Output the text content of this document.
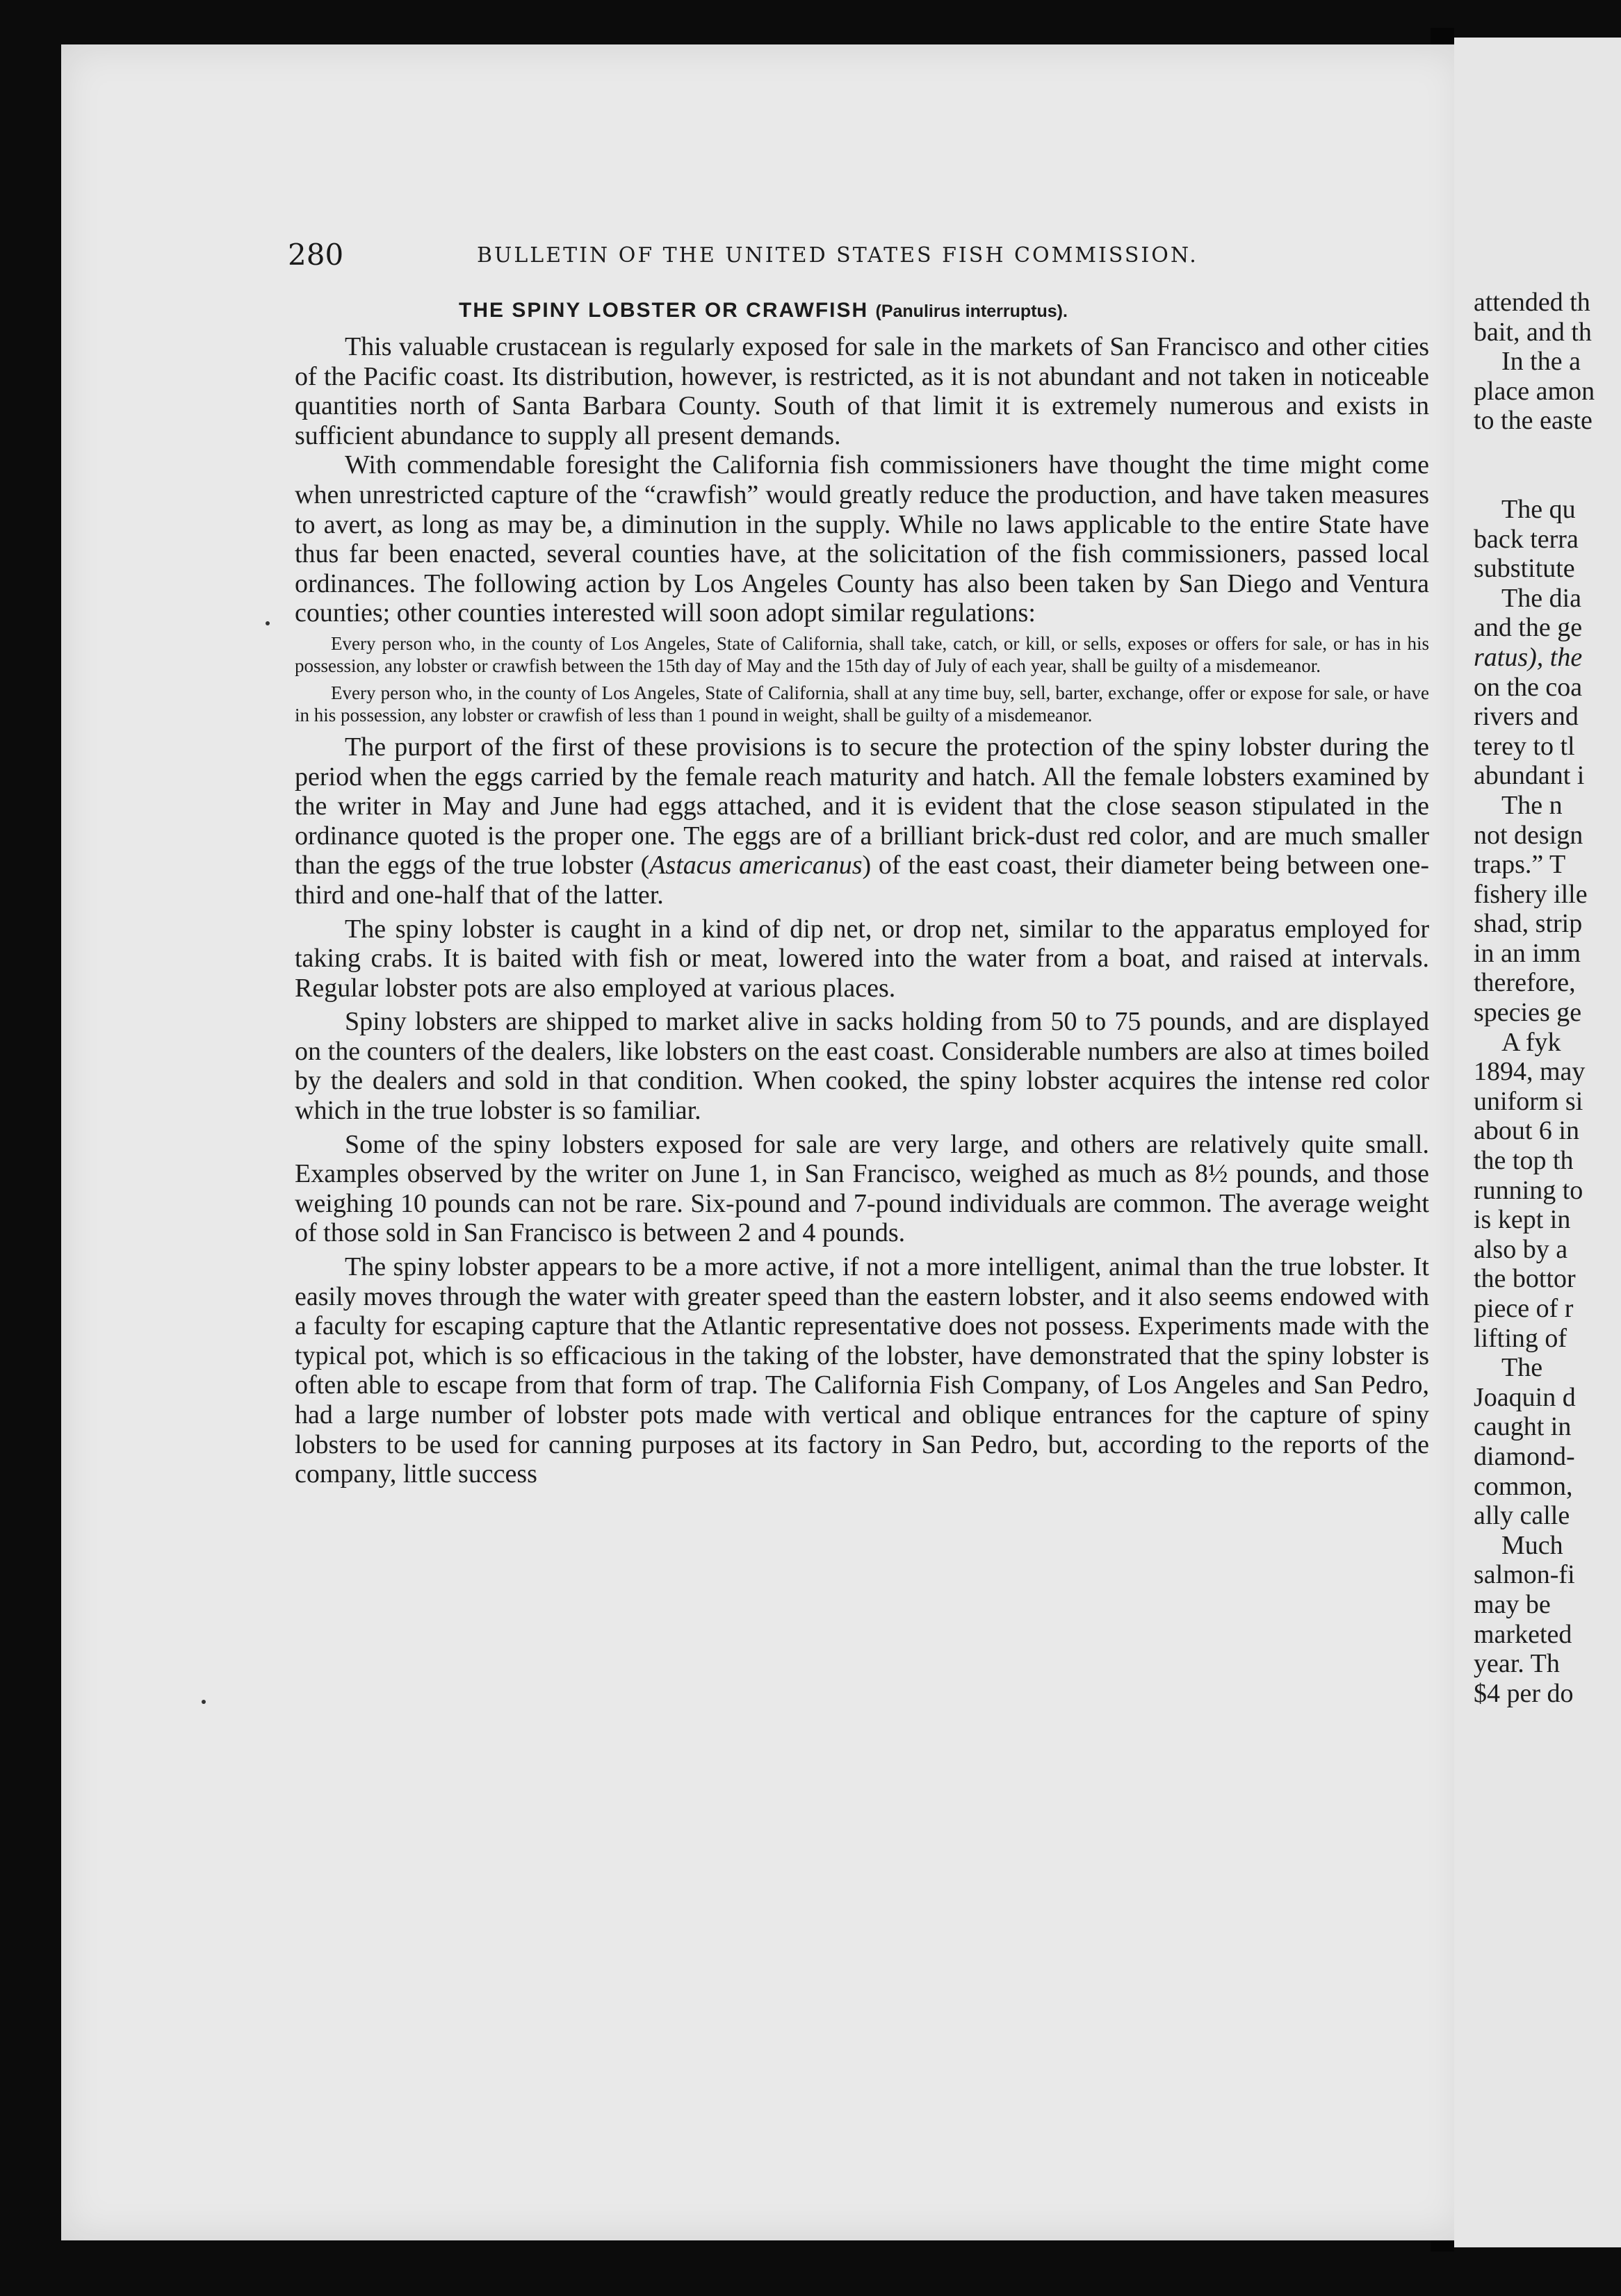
280	BULLETIN OF THE UNITED STATES FISH COMMISSION.
THE SPINY LOBSTER OR CRAWFISH (Panulirus interruptus).

This valuable crustacean is regularly exposed for sale in the markets of San Francisco and other cities of the Pacific coast. Its distribution, however, is restricted, as it is not abundant and not taken in noticeable quantities north of Santa Barbara County. South of that limit it is extremely numerous and exists in sufficient abundance to supply all present demands.

With commendable foresight the California fish commissioners have thought the time might come when unrestricted capture of the “crawfish” would greatly reduce the production, and have taken measures to avert, as long as may be, a diminution in the supply. While no laws applicable to the entire State have thus far been enacted, several counties have, at the solicitation of the fish commissioners, passed local ordinances. The following action by Los Angeles County has also been taken by San Diego and Ventura counties; other counties interested will soon adopt similar regulations:

Every person who, in the county of Los Angeles, State of California, shall take, catch, or kill, or sells, exposes or offers for sale, or has in his possession, any lobster or crawfish between the 15th day of May and the 15th day of July of each year, shall be guilty of a misdemeanor.

Every person who, in the county of Los Angeles, State of California, shall at any time buy, sell, barter, exchange, offer or expose for sale, or have in his possession, any lobster or crawfish of less than 1 pound in weight, shall be guilty of a misdemeanor.

The purport of the first of these provisions is to secure the protection of the spiny lobster during the period when the eggs carried by the female reach maturity and hatch. All the female lobsters examined by the writer in May and June had eggs attached, and it is evident that the close season stipulated in the ordinance quoted is the proper one. The eggs are of a brilliant brick-dust red color, and are much smaller than the eggs of the true lobster (Astacus americanus) of the east coast, their diameter being between one-third and one-half that of the latter.

The spiny lobster is caught in a kind of dip net, or drop net, similar to the apparatus employed for taking crabs. It is baited with fish or meat, lowered into the water from a boat, and raised at intervals. Regular lobster pots are also employed at various places.

Spiny lobsters are shipped to market alive in sacks holding from 50 to 75 pounds, and are displayed on the counters of the dealers, like lobsters on the east coast. Considerable numbers are also at times boiled by the dealers and sold in that condition. When cooked, the spiny lobster acquires the intense red color which in the true lobster is so familiar.

Some of the spiny lobsters exposed for sale are very large, and others are relatively quite small. Examples observed by the writer on June 1, in San Francisco, weighed as much as 8½ pounds, and those weighing 10 pounds can not be rare. Six-pound and 7-pound individuals are common. The average weight of those sold in San Francisco is between 2 and 4 pounds.

The spiny lobster appears to be a more active, if not a more intelligent, animal than the true lobster. It easily moves through the water with greater speed than the eastern lobster, and it also seems endowed with a faculty for escaping capture that the Atlantic representative does not possess. Experiments made with the typical pot, which is so efficacious in the taking of the lobster, have demonstrated that the spiny lobster is often able to escape from that form of trap. The California Fish Company, of Los Angeles and San Pedro, had a large number of lobster pots made with vertical and oblique entrances for the capture of spiny lobsters to be used for canning purposes at its factory in San Pedro, but, according to the reports of the company, little success

attended th
bait, and th
In the a
place amon
to the easte
The qu
back terra
substitute
The dia
and the ge
ratus), the
on the coa
rivers and
terey to tl
abundant i
The n
not design
traps.” T
fishery ille
shad, strip
in an imm
therefore,
species ge
A fyk
1894, may
uniform si
about 6 in
the top th
running to
is kept in
also by a
the bottor
piece of r
lifting of
The
Joaquin d
caught in
diamond-
common,
ally calle
Much
salmon-fi
may be
marketed
year. Th
$4 per do
